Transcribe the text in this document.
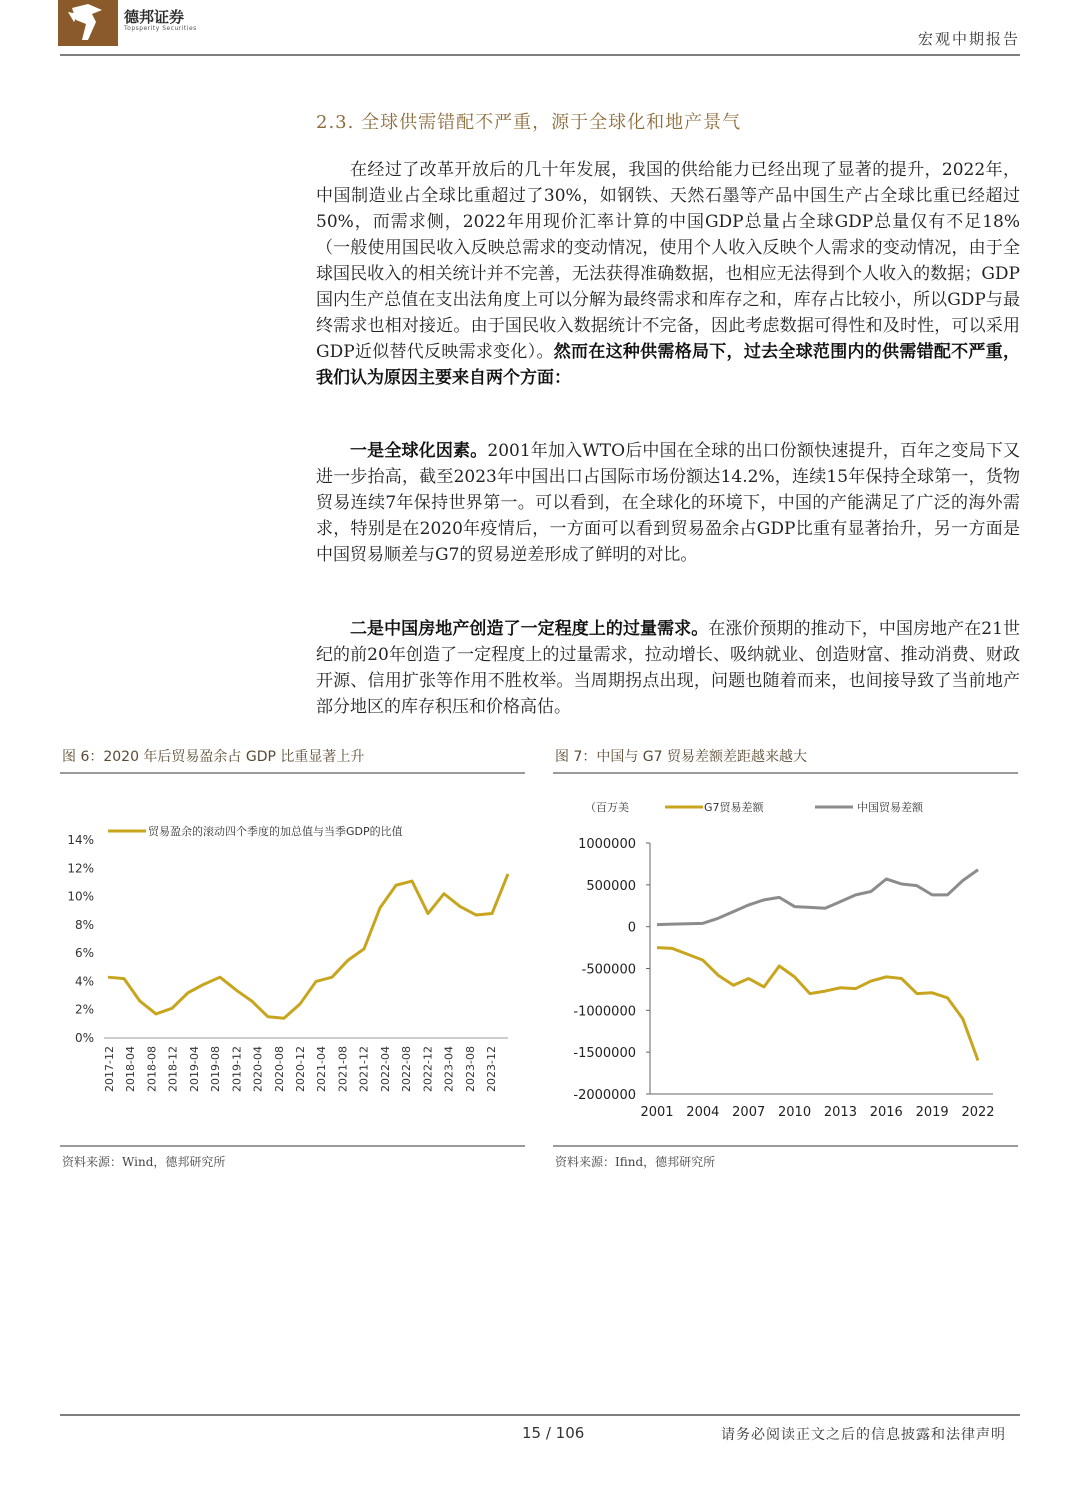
德邦证券
Topsperity Securities
宏观中期报告
2.3. 全球供需错配不严重，源于全球化和地产景气

在经过了改革开放后的几十年发展，我国的供给能力已经出现了显著的提升，2022年，中国制造业占全球比重超过了30%，如钢铁、天然石墨等产品中国生产占全球比重已经超过50%，而需求侧，2022年用现价汇率计算的中国GDP总量占全球GDP总量仅有不足18%（一般使用国民收入反映总需求的变动情况，使用个人收入反映个人需求的变动情况，由于全球国民收入的相关统计并不完善，无法获得准确数据，也相应无法得到个人收入的数据；GDP国内生产总值在支出法角度上可以分解为最终需求和库存之和，库存占比较小，所以GDP与最终需求也相对接近。由于国民收入数据统计不完备，因此考虑数据可得性和及时性，可以采用GDP近似替代反映需求变化）。然而在这种供需格局下，过去全球范围内的供需错配不严重，我们认为原因主要来自两个方面：

一是全球化因素。2001年加入WTO后中国在全球的出口份额快速提升，百年之变局下又进一步抬高，截至2023年中国出口占国际市场份额达14.2%，连续15年保持全球第一，货物贸易连续7年保持世界第一。可以看到，在全球化的环境下，中国的产能满足了广泛的海外需求，特别是在2020年疫情后，一方面可以看到贸易盈余占GDP比重有显著抬升，另一方面是中国贸易顺差与G7的贸易逆差形成了鲜明的对比。

二是中国房地产创造了一定程度上的过量需求。在涨价预期的推动下，中国房地产在21世纪的前20年创造了一定程度上的过量需求，拉动增长、吸纳就业、创造财富、推动消费、财政开源、信用扩张等作用不胜枚举。当周期拐点出现，问题也随着而来，也间接导致了当前地产部分地区的库存积压和价格高估。

图 6：2020 年后贸易盈余占 GDP 比重显著上升
0%
2%
4%
6%
8%
10%
12%
14%
贸易盈余的滚动四个季度的加总值与当季GDP的比值
2017-12 2018-04 2018-08 2018-12 2019-04 2019-08 2019-12 2020-04 2020-08 2020-12 2021-04 2021-08 2021-12 2022-04 2022-08 2022-12 2023-04 2023-08 2023-12
资料来源：Wind，德邦研究所
图 7：中国与 G7 贸易差额差距越来越大
（百万美	G7贸易差额	中国贸易差额
1000000
500000
0
-500000
-1000000
-1500000
-2000000
2001 2004 2007 2010 2013 2016 2019 2022
资料来源：Ifind，德邦研究所
15 / 106	请务必阅读正文之后的信息披露和法律声明
